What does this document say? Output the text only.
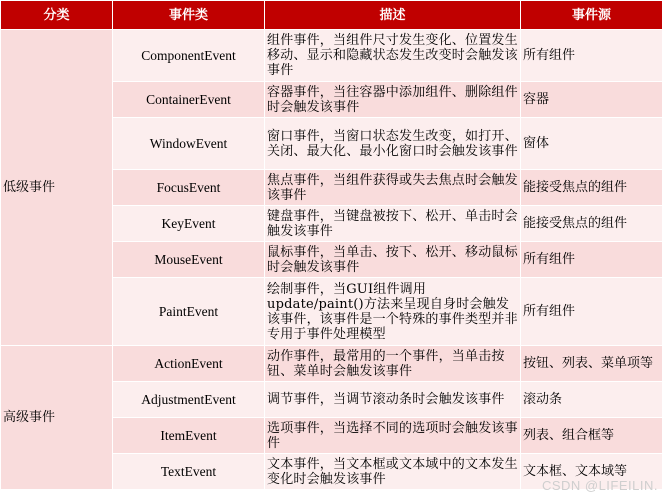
分类	事件类	描述	事件源
低级事件	ComponentEvent	组件事件，当组件尺寸发生变化、位置发生移动、显示和隐藏状态发生改变时会触发该事件	所有组件
	ContainerEvent	容器事件，当往容器中添加组件、删除组件时会触发该事件	容器
	WindowEvent	窗口事件，当窗口状态发生改变，如打开、关闭、最大化、最小化窗口时会触发该事件	窗体
	FocusEvent	焦点事件，当组件获得或失去焦点时会触发该事件	能接受焦点的组件
	KeyEvent	键盘事件，当键盘被按下、松开、单击时会触发该事件	能接受焦点的组件
	MouseEvent	鼠标事件，当单击、按下、松开、移动鼠标时会触发该事件	所有组件
	PaintEvent	绘制事件，当GUI组件调用update/paint()方法来呈现自身时会触发该事件，该事件是一个特殊的事件类型并非专用于事件处理模型	所有组件
高级事件	ActionEvent	动作事件，最常用的一个事件，当单击按钮、菜单时会触发该事件	按钮、列表、菜单项等
	AdjustmentEvent	调节事件，当调节滚动条时会触发该事件	滚动条
	ItemEvent	选项事件，当选择不同的选项时会触发该事件	列表、组合框等
	TextEvent	文本事件，当文本框或文本域中的文本发生变化时会触发该事件	文本框、文本域等
CSDN @LIFEILIN.
